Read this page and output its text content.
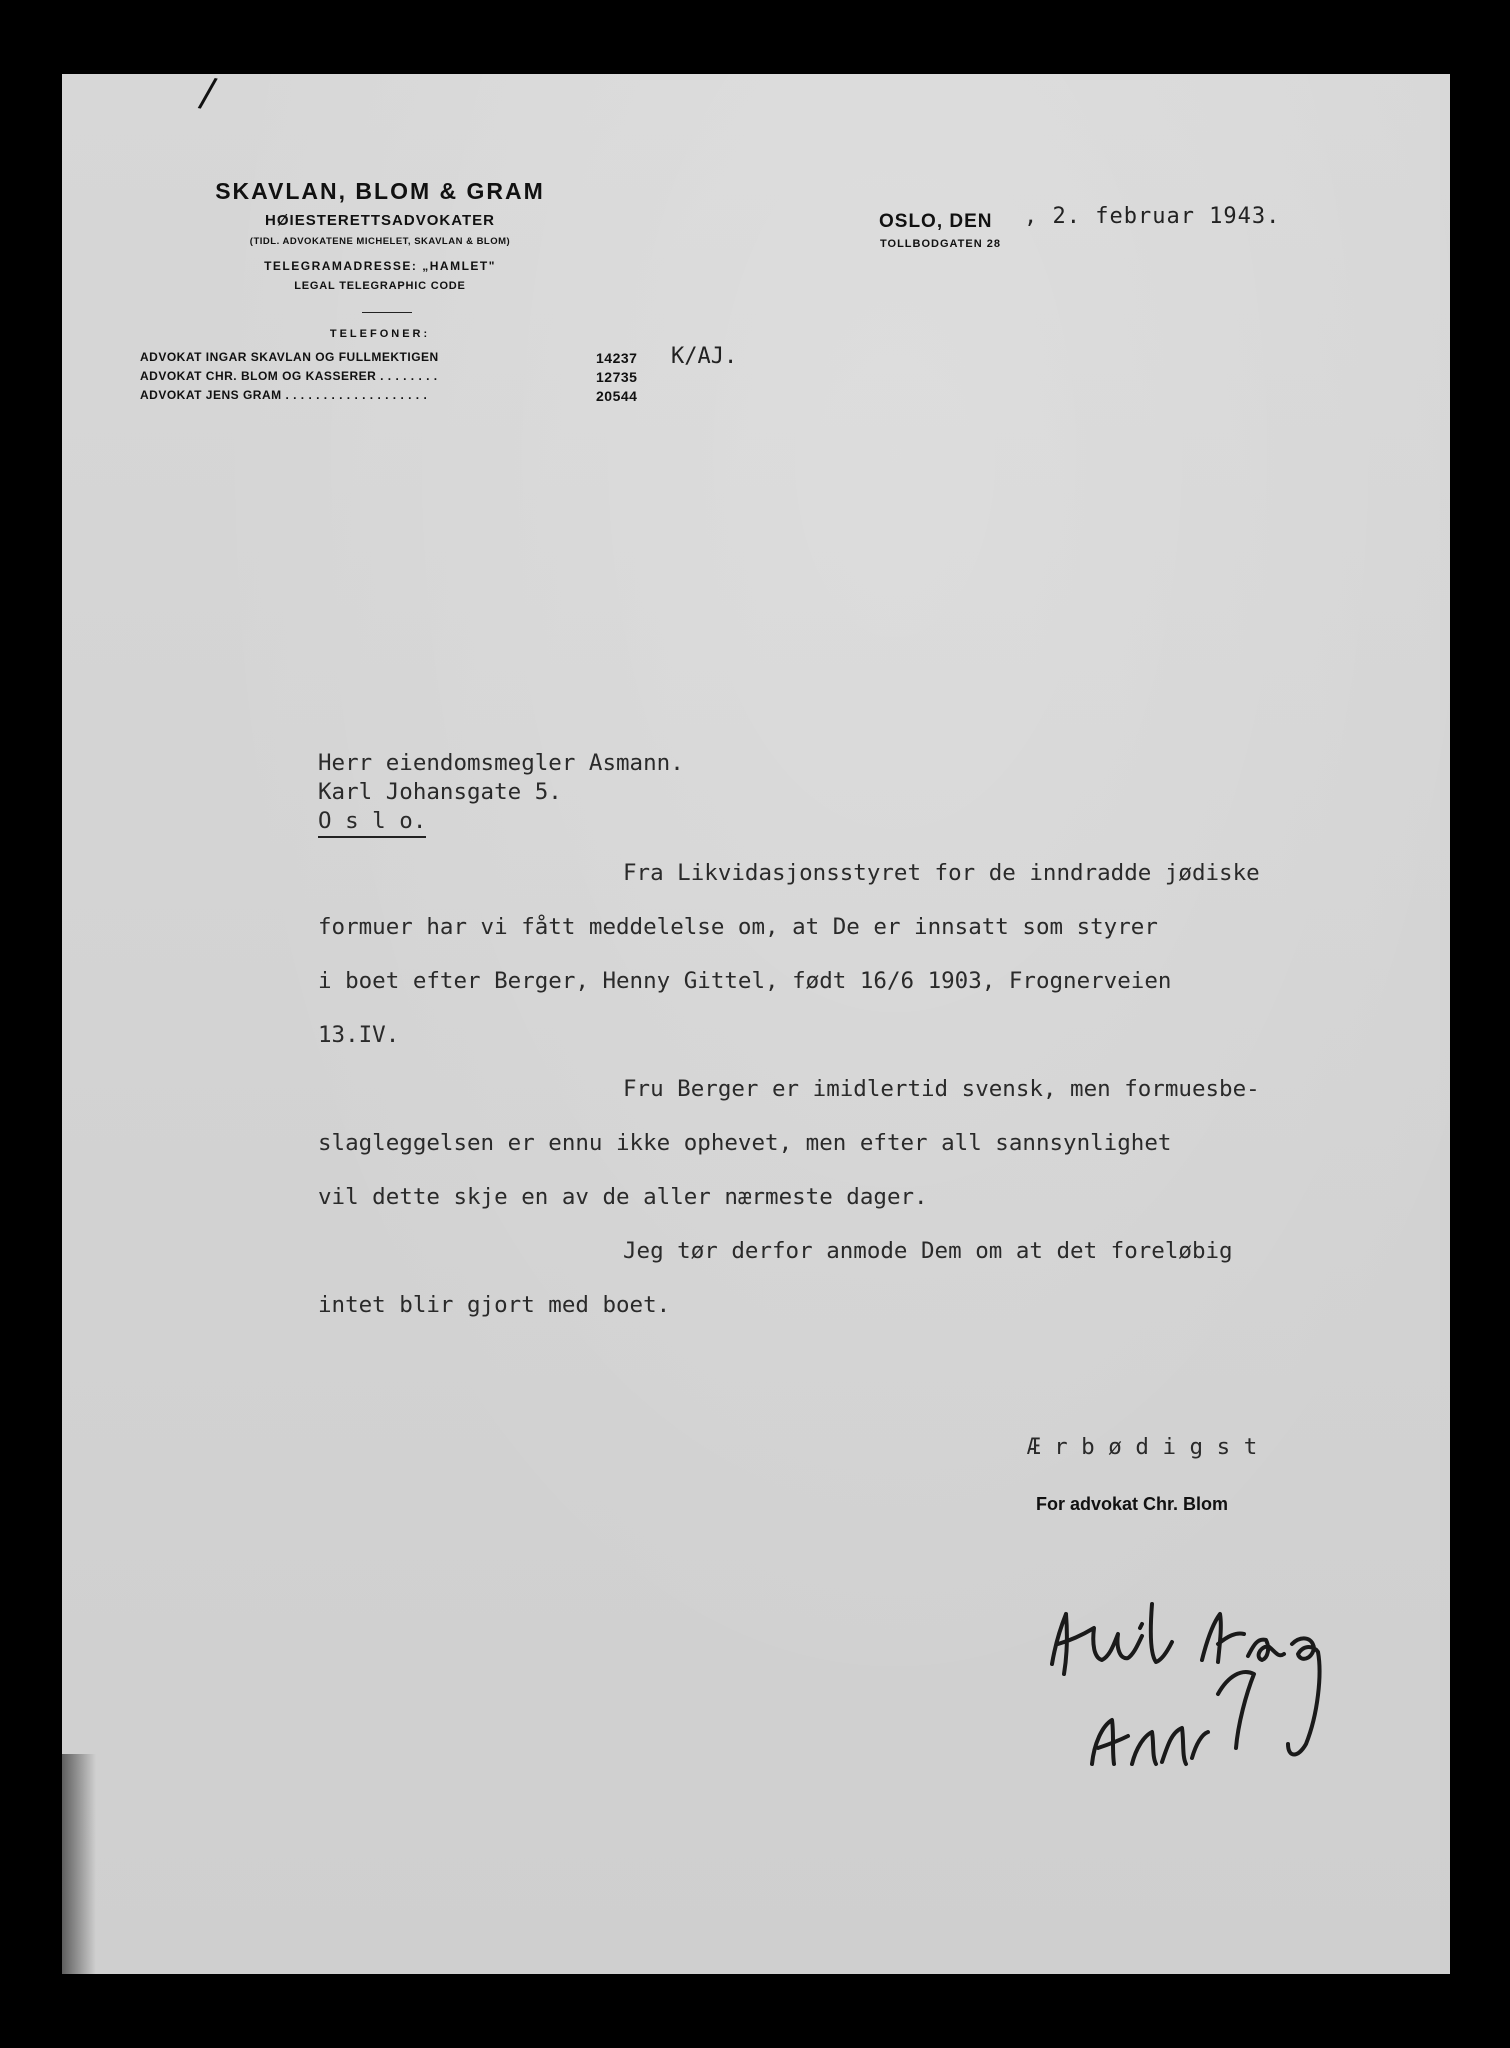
/
SKAVLAN, BLOM & GRAM
HØIESTERETTSADVOKATER
(TIDL. ADVOKATENE MICHELET, SKAVLAN & BLOM)
TELEGRAMADRESSE: „HAMLET"
LEGAL TELEGRAPHIC CODE
TELEFONER:
ADVOKAT INGAR SKAVLAN OG FULLMEKTIGEN	14237
ADVOKAT CHR. BLOM OG KASSERER . . . . . . . .	12735
ADVOKAT JENS GRAM . . . . . . . . . . . . . . . . . . .	20544
K/AJ.
OSLO, DEN , 2. februar 1943.
TOLLBODGATEN 28
Herr eiendomsmegler Asmann.
Karl Johansgate 5.
O s l o.
Fra Likvidasjonsstyret for de inndradde jødiske
formuer har vi fått meddelelse om, at De er innsatt som styrer
i boet efter Berger, Henny Gittel, født 16/6 1903, Frognerveien
13.IV.
Fru Berger er imidlertid svensk, men formuesbe-
slagleggelsen er ennu ikke ophevet, men efter all sannsynlighet
vil dette skje en av de aller nærmeste dager.
Jeg tør derfor anmode Dem om at det foreløbig
intet blir gjort med boet.
Æ r b ø d i g s t
For advokat Chr. Blom
